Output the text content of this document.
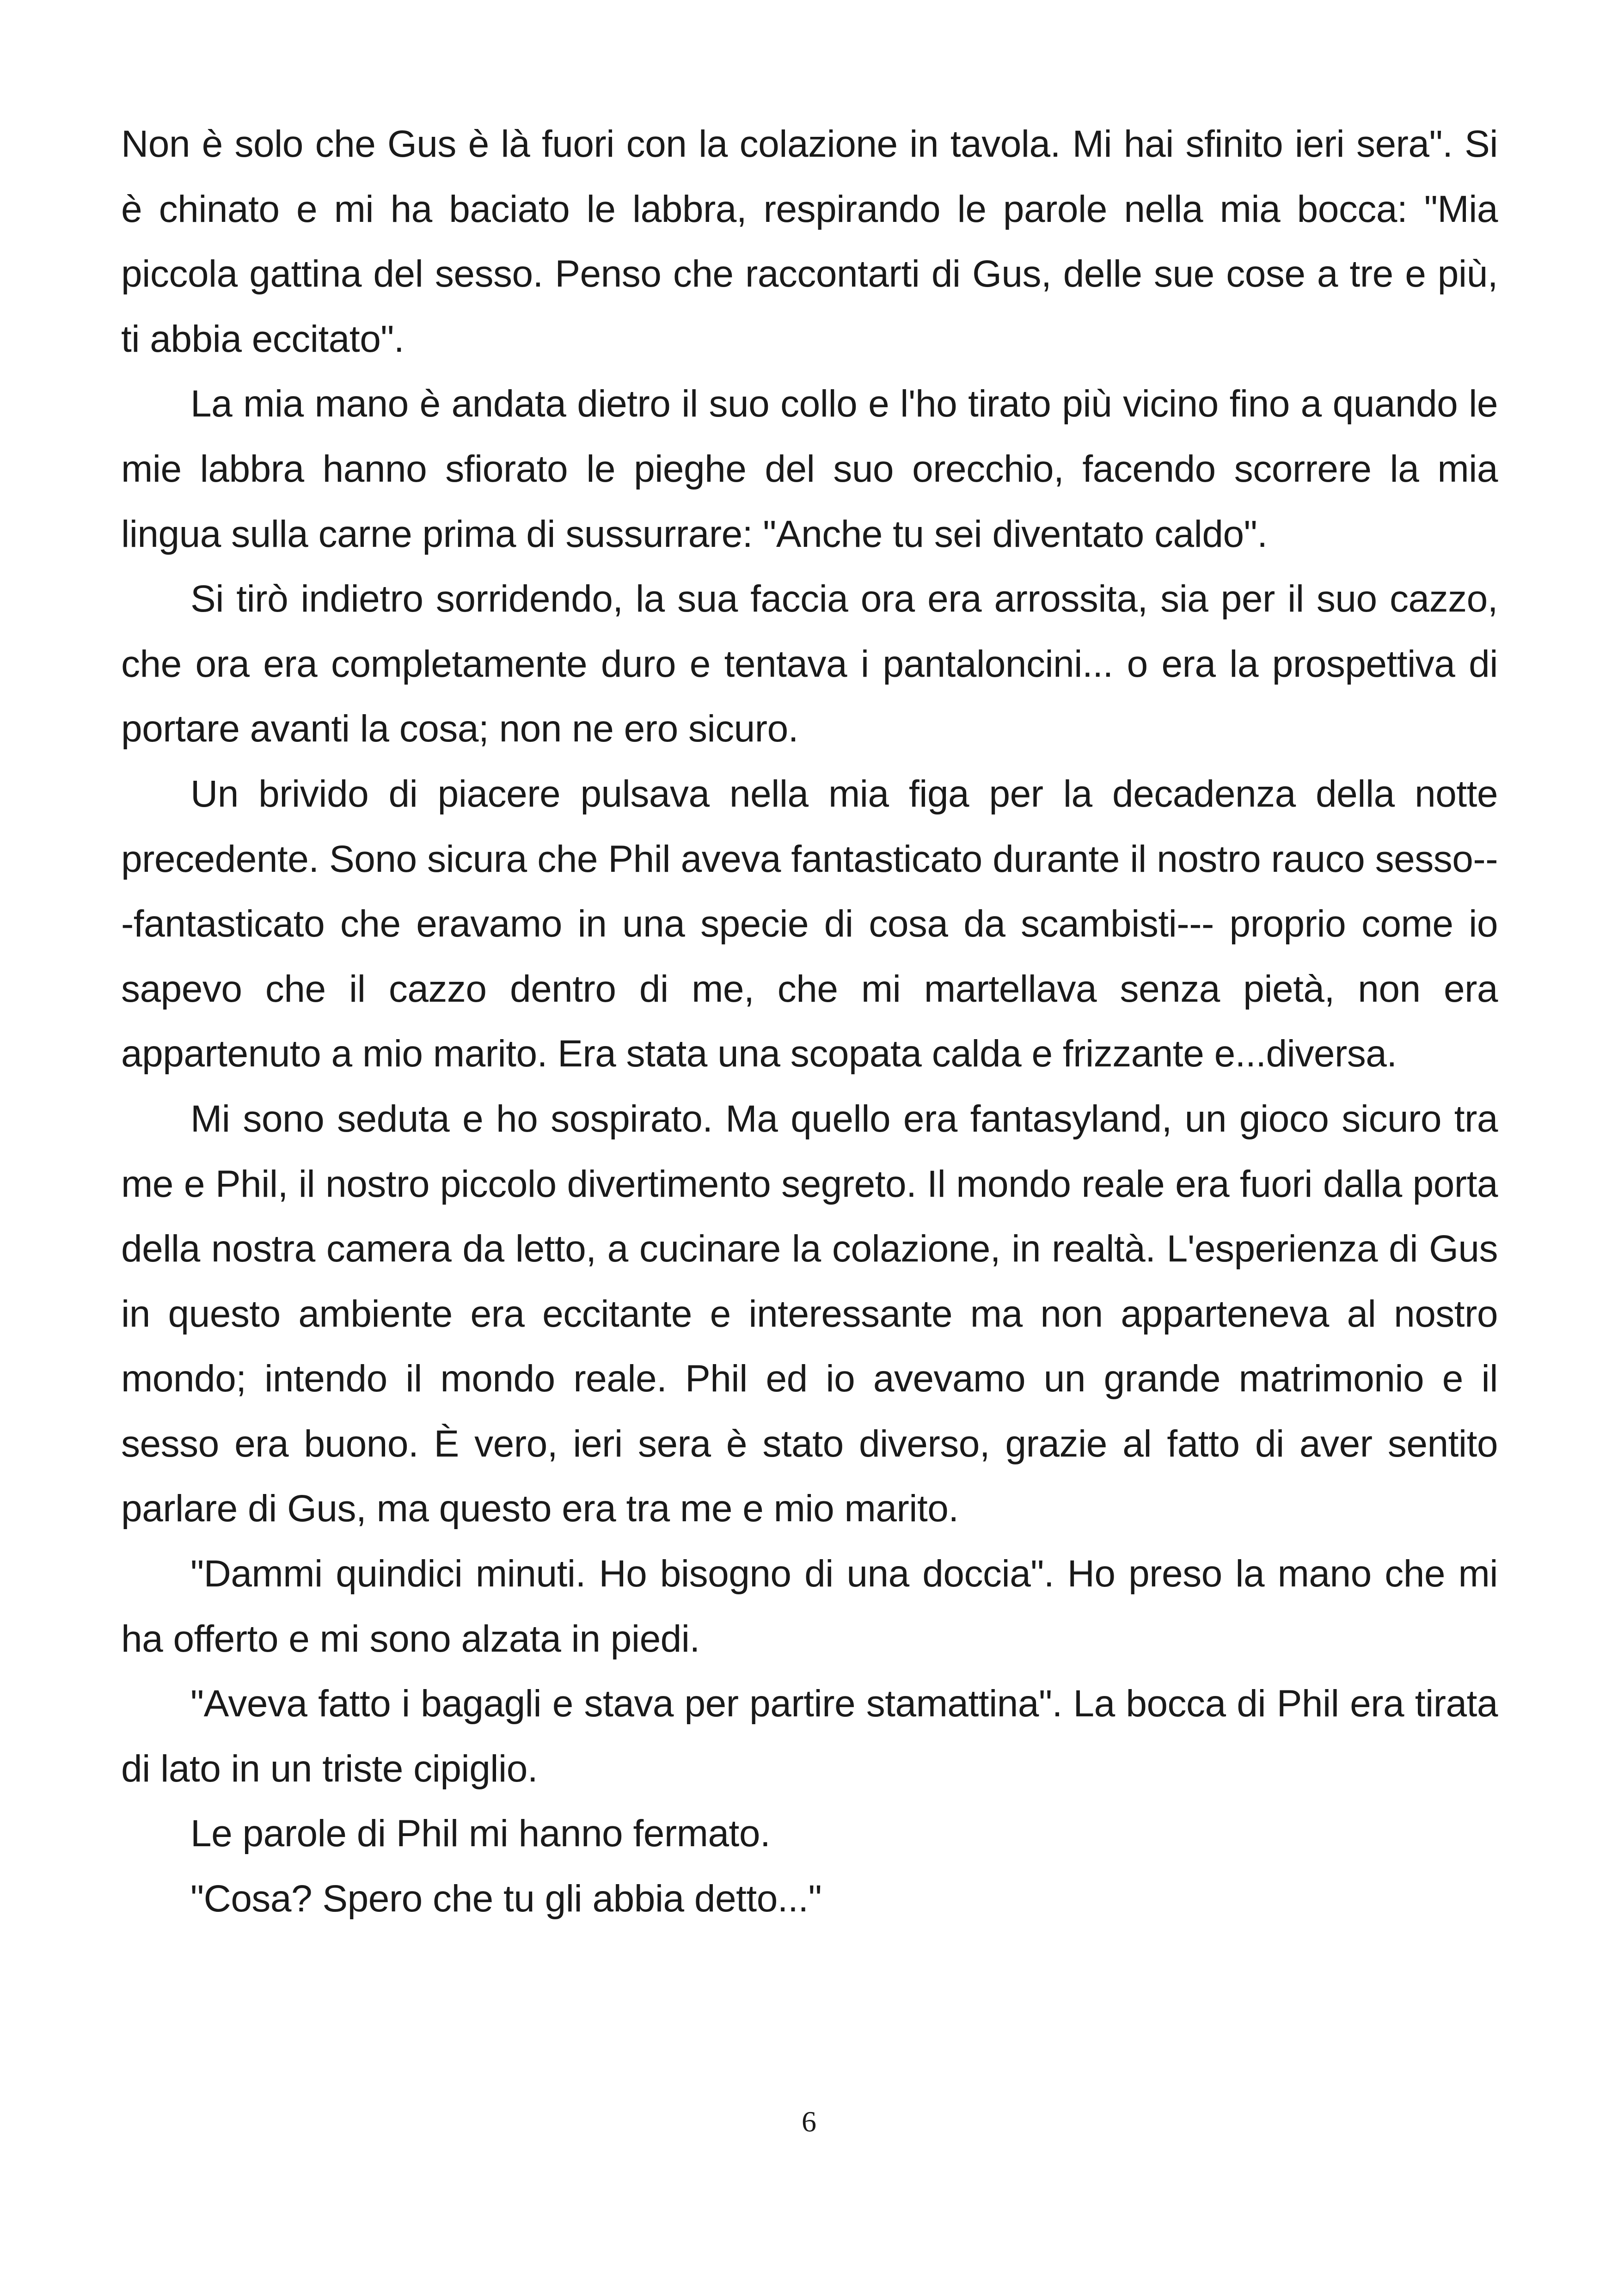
Non è solo che Gus è là fuori con la colazione in tavola. Mi hai sfinito ieri sera". Si è chinato e mi ha baciato le labbra, respirando le parole nella mia bocca: "Mia piccola gattina del sesso. Penso che raccontarti di Gus, delle sue cose a tre e più, ti abbia eccitato".

La mia mano è andata dietro il suo collo e l'ho tirato più vicino fino a quando le mie labbra hanno sfiorato le pieghe del suo orecchio, facendo scorrere la mia lingua sulla carne prima di sussurrare: "Anche tu sei diventato caldo".

Si tirò indietro sorridendo, la sua faccia ora era arrossita, sia per il suo cazzo, che ora era completamente duro e tentava i pantaloncini... o era la prospettiva di portare avanti la cosa; non ne ero sicuro.

Un brivido di piacere pulsava nella mia figa per la decadenza della notte precedente. Sono sicura che Phil aveva fantasticato durante il nostro rauco sesso---fantasticato che eravamo in una specie di cosa da scambisti--- proprio come io sapevo che il cazzo dentro di me, che mi martellava senza pietà, non era appartenuto a mio marito. Era stata una scopata calda e frizzante e...diversa.

Mi sono seduta e ho sospirato. Ma quello era fantasyland, un gioco sicuro tra me e Phil, il nostro piccolo divertimento segreto. Il mondo reale era fuori dalla porta della nostra camera da letto, a cucinare la colazione, in realtà. L'esperienza di Gus in questo ambiente era eccitante e interessante ma non apparteneva al nostro mondo; intendo il mondo reale. Phil ed io avevamo un grande matrimonio e il sesso era buono. È vero, ieri sera è stato diverso, grazie al fatto di aver sentito parlare di Gus, ma questo era tra me e mio marito.

"Dammi quindici minuti. Ho bisogno di una doccia". Ho preso la mano che mi ha offerto e mi sono alzata in piedi.

"Aveva fatto i bagagli e stava per partire stamattina". La bocca di Phil era tirata di lato in un triste cipiglio.

Le parole di Phil mi hanno fermato.

"Cosa? Spero che tu gli abbia detto..."

6
